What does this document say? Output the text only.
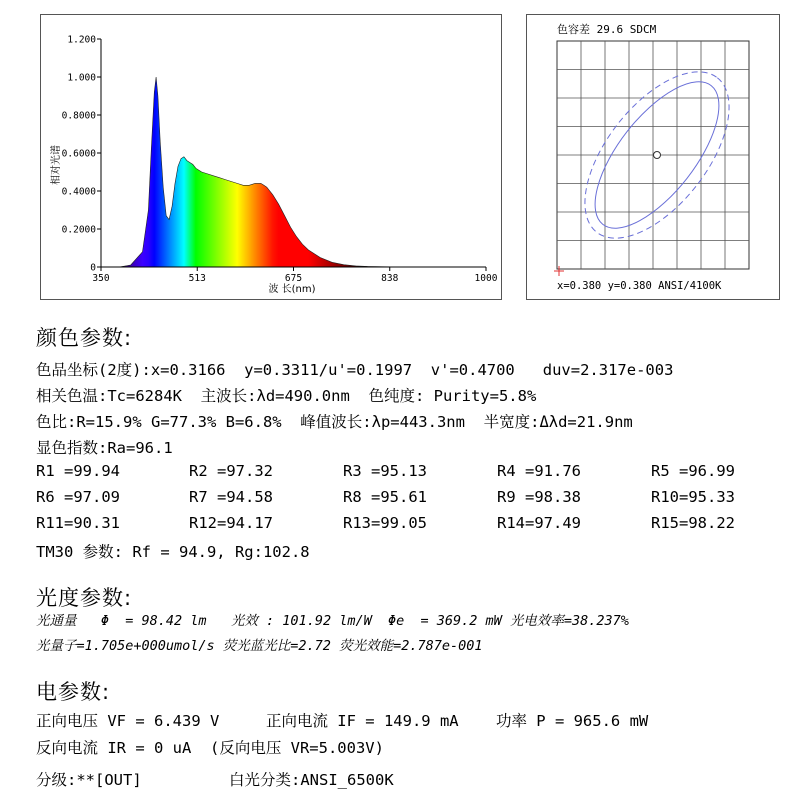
350	513	675	838	1000
0
0.2000
0.4000
0.6000
0.8000
1.000
1.200
波 长(nm)
相对光谱
色容差 29.6 SDCM
x=0.380 y=0.380 ANSI/4100K
颜色参数:
色品坐标(2度):x=0.3166  y=0.3311/u'=0.1997  v'=0.4700   duv=2.317e-003
相关色温:Tc=6284K  主波长:λd=490.0nm  色纯度: Purity=5.8%
色比:R=15.9% G=77.3% B=6.8%  峰值波长:λp=443.3nm  半宽度:Δλd=21.9nm
显色指数:Ra=96.1
R1 =99.94	R2 =97.32	R3 =95.13	R4 =91.76	R5 =96.99
R6 =97.09	R7 =94.58	R8 =95.61	R9 =98.38	R10=95.33
R11=90.31	R12=94.17	R13=99.05	R14=97.49	R15=98.22
TM30 参数: Rf = 94.9, Rg:102.8
光度参数:
光通量   Φ  = 98.42 lm   光效 : 101.92 lm/W  Φe  = 369.2 mW 光电效率=38.237%
光量子=1.705e+000umol/s 荧光蓝光比=2.72 荧光效能=2.787e-001
电参数:
正向电压 VF = 6.439 V     正向电流 IF = 149.9 mA    功率 P = 965.6 mW
反向电流 IR = 0 uA  (反向电压 VR=5.003V)
分级:**[OUT]	白光分类:ANSI_6500K
